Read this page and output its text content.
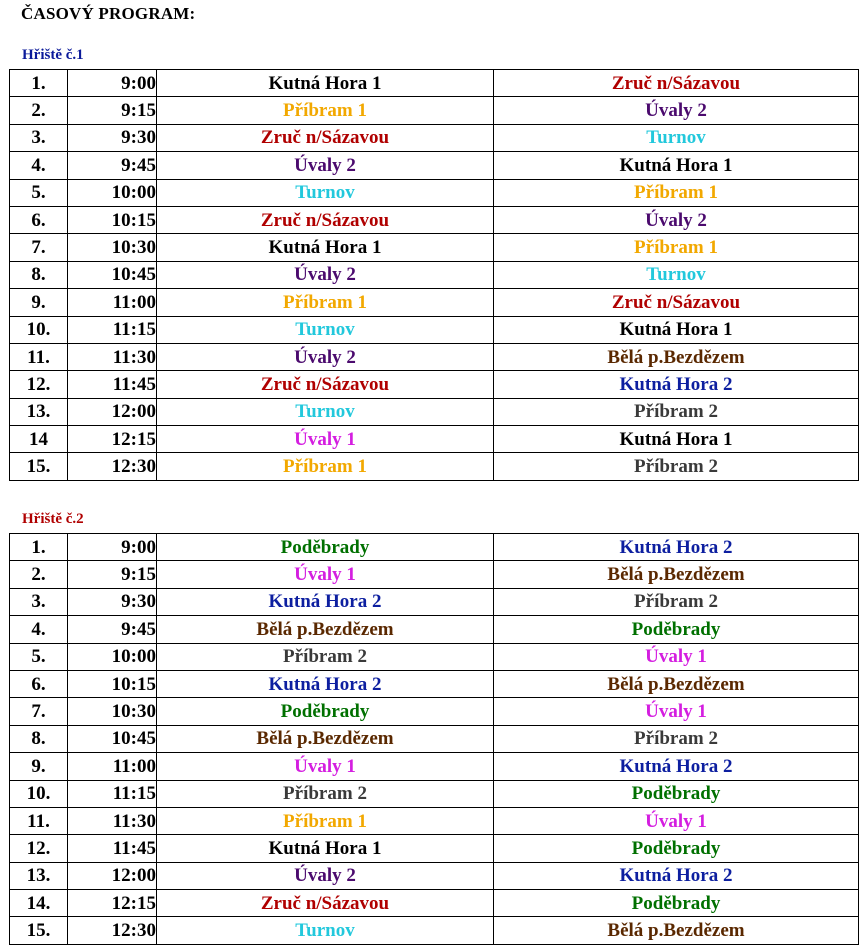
ČASOVÝ PROGRAM:
Hřiště č.1
1.	9:00	Kutná Hora 1	Zruč n/Sázavou
2.	9:15	Příbram 1	Úvaly 2
3.	9:30	Zruč n/Sázavou	Turnov
4.	9:45	Úvaly 2	Kutná Hora 1
5.	10:00	Turnov	Příbram 1
6.	10:15	Zruč n/Sázavou	Úvaly 2
7.	10:30	Kutná Hora 1	Příbram 1
8.	10:45	Úvaly 2	Turnov
9.	11:00	Příbram 1	Zruč n/Sázavou
10.	11:15	Turnov	Kutná Hora 1
11.	11:30	Úvaly 2	Bělá p.Bezdězem
12.	11:45	Zruč n/Sázavou	Kutná Hora 2
13.	12:00	Turnov	Příbram 2
14	12:15	Úvaly 1	Kutná Hora 1
15.	12:30	Příbram 1	Příbram 2
Hřiště č.2
1.	9:00	Poděbrady	Kutná Hora 2
2.	9:15	Úvaly 1	Bělá p.Bezdězem
3.	9:30	Kutná Hora 2	Příbram 2
4.	9:45	Bělá p.Bezdězem	Poděbrady
5.	10:00	Příbram 2	Úvaly 1
6.	10:15	Kutná Hora 2	Bělá p.Bezdězem
7.	10:30	Poděbrady	Úvaly 1
8.	10:45	Bělá p.Bezdězem	Příbram 2
9.	11:00	Úvaly 1	Kutná Hora 2
10.	11:15	Příbram 2	Poděbrady
11.	11:30	Příbram 1	Úvaly 1
12.	11:45	Kutná Hora 1	Poděbrady
13.	12:00	Úvaly 2	Kutná Hora 2
14.	12:15	Zruč n/Sázavou	Poděbrady
15.	12:30	Turnov	Bělá p.Bezdězem
